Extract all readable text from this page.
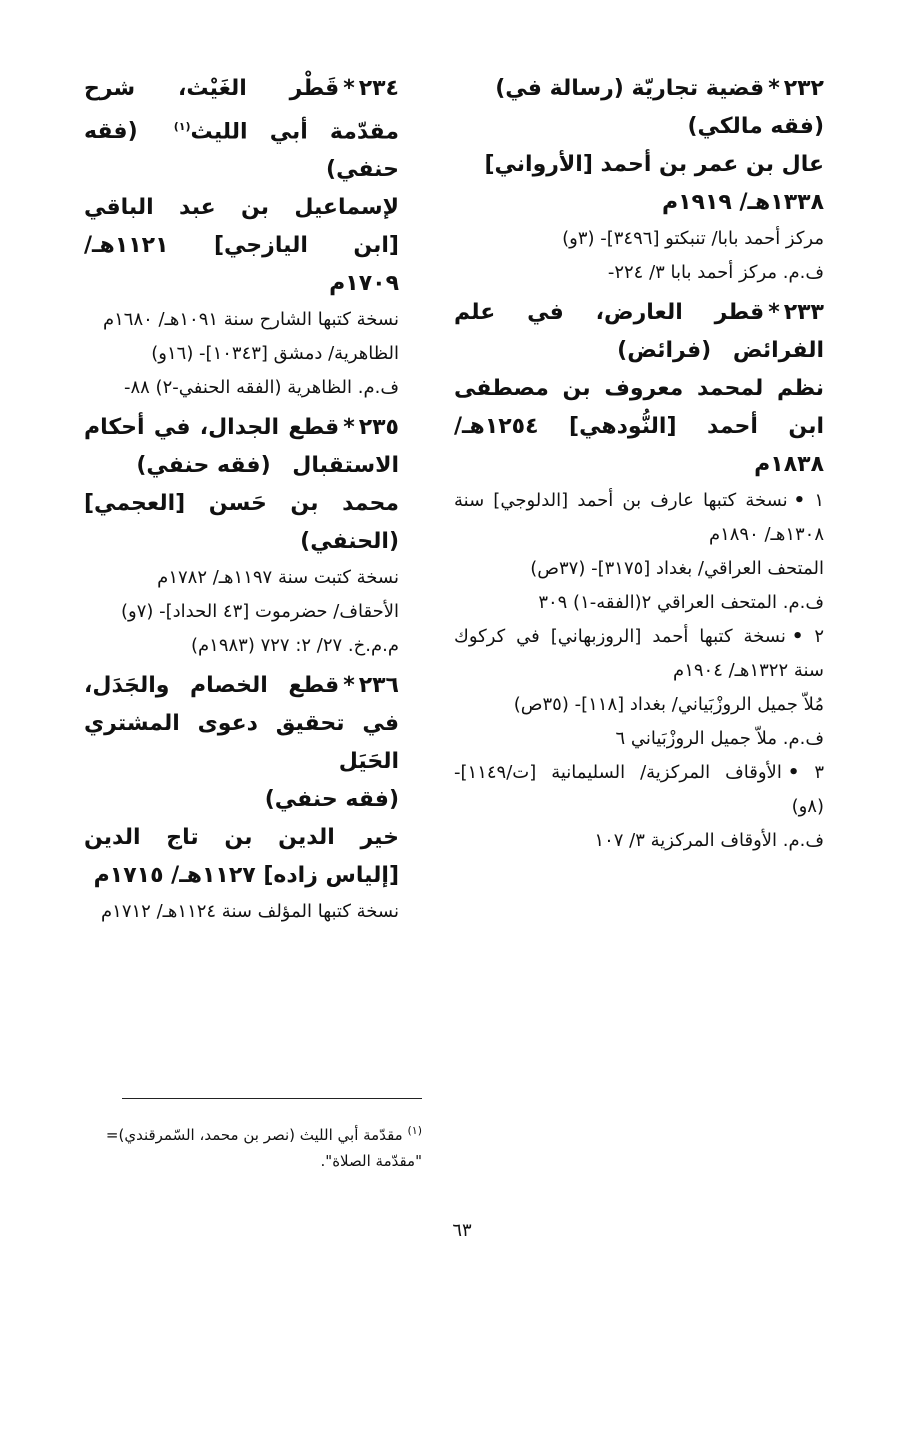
٢٣٢*قضية تجاريّة (رسالة في)

(فقه مالكي)

عال بن عمر بن أحمد [الأرواني]

١٣٣٨هـ/ ١٩١٩م

مركز أحمد بابا/ تنبكتو [٣٤٩٦]- (٣و)

ف.م. مركز أحمد بابا ٣/ ٢٢٤-

٢٣٣*قطر العارض، في علم الفرائض (فرائض)

نظم لمحمد معروف بن مصطفى ابن أحمد [النُّودهي] ١٢٥٤هـ/ ١٨٣٨م

١ •نسخة كتبها عارف بن أحمد [الدلوجي] سنة ١٣٠٨هـ/ ١٨٩٠م

المتحف العراقي/ بغداد [٣١٧٥]- (٣٧ص)

ف.م. المتحف العراقي ٢(الفقه-١) ٣٠٩

٢ •نسخة كتبها أحمد [الروزبهاني] في كركوك سنة ١٣٢٢هـ/ ١٩٠٤م

مُلاّ جميل الروزْبَياني/ بغداد [١١٨]- (٣٥ص)

ف.م. ملاّ جميل الروزْبَياني ٦

٣ •الأوقاف المركزية/ السليمانية [ت/١١٤٩]- (٨و)

ف.م. الأوقاف المركزية ٣/ ١٠٧

٢٣٤*قَطْر الغَيْث، شرح مقدّمة أبي الليث$^{(١)}$ (فقه حنفي)

لإسماعيل بن عبد الباقي [ابن اليازجي] ١١٢١هـ/ ١٧٠٩م

نسخة كتبها الشارح سنة ١٠٩١هـ/ ١٦٨٠م

الظاهرية/ دمشق [١٠٣٤٣]- (١٦و)

ف.م. الظاهرية (الفقه الحنفي-٢) ٨٨-

٢٣٥*قطع الجدال، في أحكام الاستقبال (فقه حنفي)

محمد بن حَسن [العجمي] (الحنفي)

نسخة كتبت سنة ١١٩٧هـ/ ١٧٨٢م

الأحقاف/ حضرموت [٤٣ الحداد]- (٧و)

م.م.خ. ٢٧/ ٢: ٧٢٧ (١٩٨٣م)

٢٣٦*قطع الخصام والجَدَل، في تحقيق دعوى المشتري الحَيَل

(فقه حنفي)

خير الدين بن تاج الدين [إلياس زاده] ١١٢٧هـ/ ١٧١٥م

نسخة كتبها المؤلف سنة ١١٢٤هـ/ ١٧١٢م

$^{(١)}$ مقدّمة أبي الليث (نصر بن محمد، السّمرقندي)= "مقدّمة الصلاة".

٦٣
